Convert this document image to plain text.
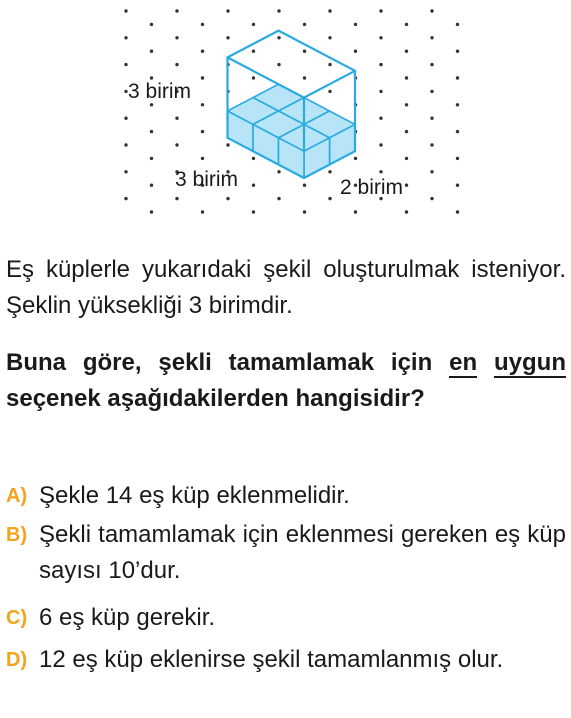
3 birim
3 birim	2 birim
Eş küplerle yukarıdaki şekil oluşturulmak isteniyor. Şeklin yüksekliği 3 birimdir.
Buna göre, şekli tamamlamak için en uygun seçenek aşağıdakilerden hangisidir?
A) Şekle 14 eş küp eklenmelidir.
B) Şekli tamamlamak için eklenmesi gereken eş küp sayısı 10’dur.
C) 6 eş küp gerekir.
D) 12 eş küp eklenirse şekil tamamlanmış olur.
